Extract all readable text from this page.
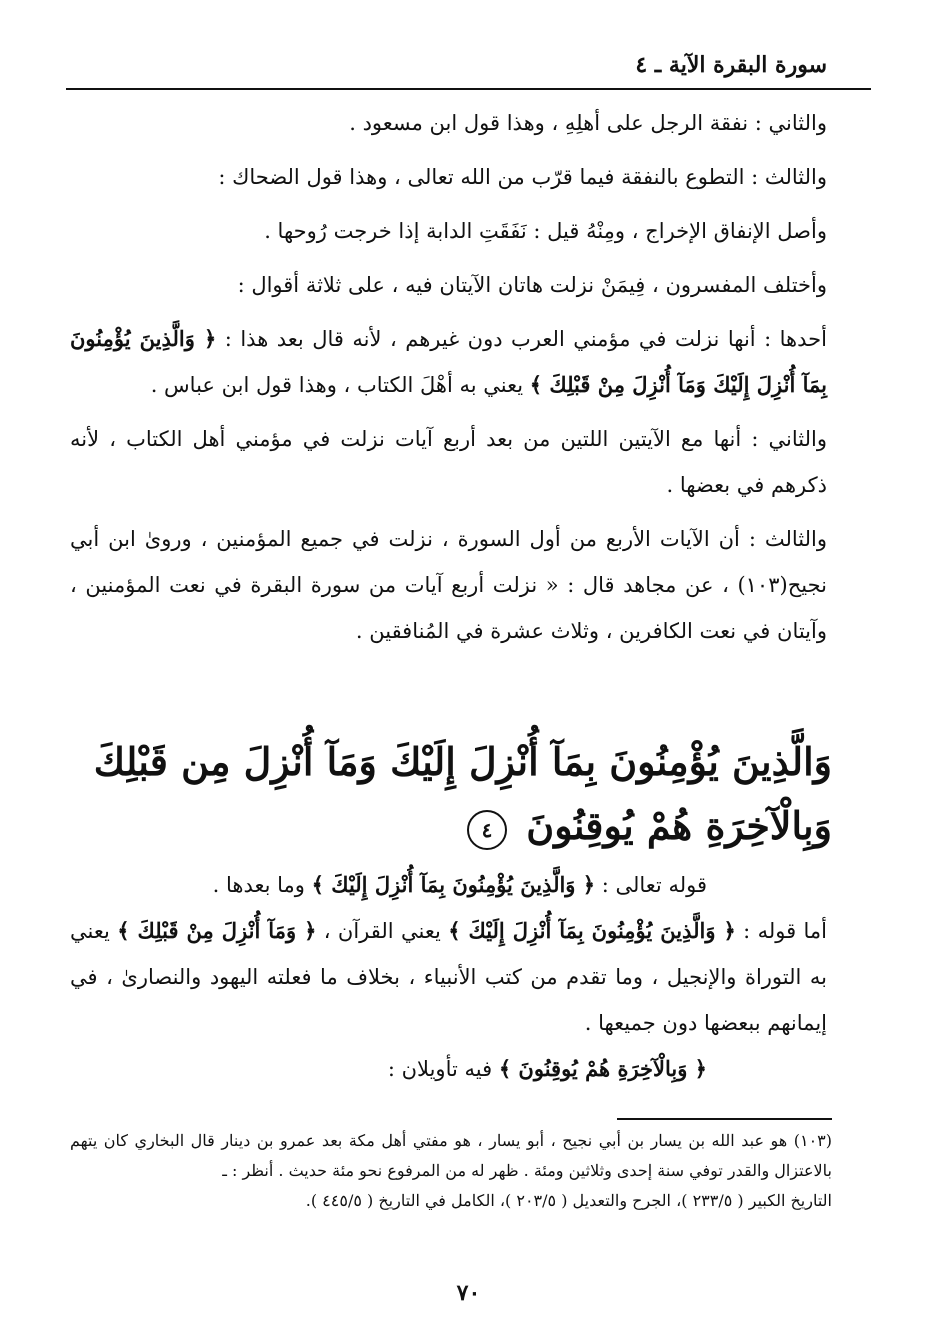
سورة البقرة الآية ـ ٤

والثاني : نفقة الرجل على أهلِهِ ، وهذا قول ابن مسعود .

والثالث : التطوع بالنفقة فيما قرّب من الله تعالى ، وهذا قول الضحاك :

وأصل الإنفاق الإخراج ، ومِنْهُ قيل : نَفَقَتِ الدابة إذا خرجت رُوحها .

وأختلف المفسرون ، فِيمَنْ نزلت هاتان الآيتان فيه ، على ثلاثة أقوال :

أحدها : أنها نزلت في مؤمني العرب دون غيرهم ، لأنه قال بعد هذا : ﴿ وَالَّذِينَ يُؤْمِنُونَ بِمَآ أُنْزِلَ إِلَيْكَ وَمَآ أُنْزِلَ مِنْ قَبْلِكَ ﴾ يعني به أهْلَ الكتاب ، وهذا قول ابن عباس .

والثاني : أنها مع الآيتين اللتين من بعد أربع آيات نزلت في مؤمني أهل الكتاب ، لأنه ذكرهم في بعضها .

والثالث : أن الآيات الأربع من أول السورة ، نزلت في جميع المؤمنين ، وروىٰ ابن أبي نجيح(١٠٣) ، عن مجاهد قال : « نزلت أربع آيات من سورة البقرة في نعت المؤمنين ، وآيتان في نعت الكافرين ، وثلاث عشرة في المُنافقين .

وَالَّذِينَ يُؤْمِنُونَ بِمَآ أُنْزِلَ إِلَيْكَ وَمَآ أُنْزِلَ مِن قَبْلِكَ وَبِالْآخِرَةِ هُمْ يُوقِنُونَ ٤

قوله تعالى : ﴿ وَالَّذِينَ يُؤْمِنُونَ بِمَآ أُنْزِلَ إِلَيْكَ ﴾ وما بعدها .

أما قوله : ﴿ وَالَّذِينَ يُؤْمِنُونَ بِمَآ أُنْزِلَ إِلَيْكَ ﴾ يعني القرآن ، ﴿ وَمَآ أُنْزِلَ مِنْ قَبْلِكَ ﴾ يعني به التوراة والإنجيل ، وما تقدم من كتب الأنبياء ، بخلاف ما فعلته اليهود والنصارىٰ ، في إيمانهم ببعضها دون جميعها .

﴿ وَبِالْآخِرَةِ هُمْ يُوقِنُونَ ﴾ فيه تأويلان :

(١٠٣) هو عبد الله بن يسار بن أبي نجيح ، أبو يسار ، هو مفتي أهل مكة بعد عمرو بن دينار قال البخاري كان يتهم بالاعتزال والقدر توفي سنة إحدى وثلاثين ومئة . ظهر له من المرفوع نحو مئة حديث . أنظر : ـ

التاريخ الكبير ( ٢٣٣/٥ )، الجرح والتعديل ( ٢٠٣/٥ )، الكامل في التاريخ ( ٤٤٥/٥ ).

٧٠
